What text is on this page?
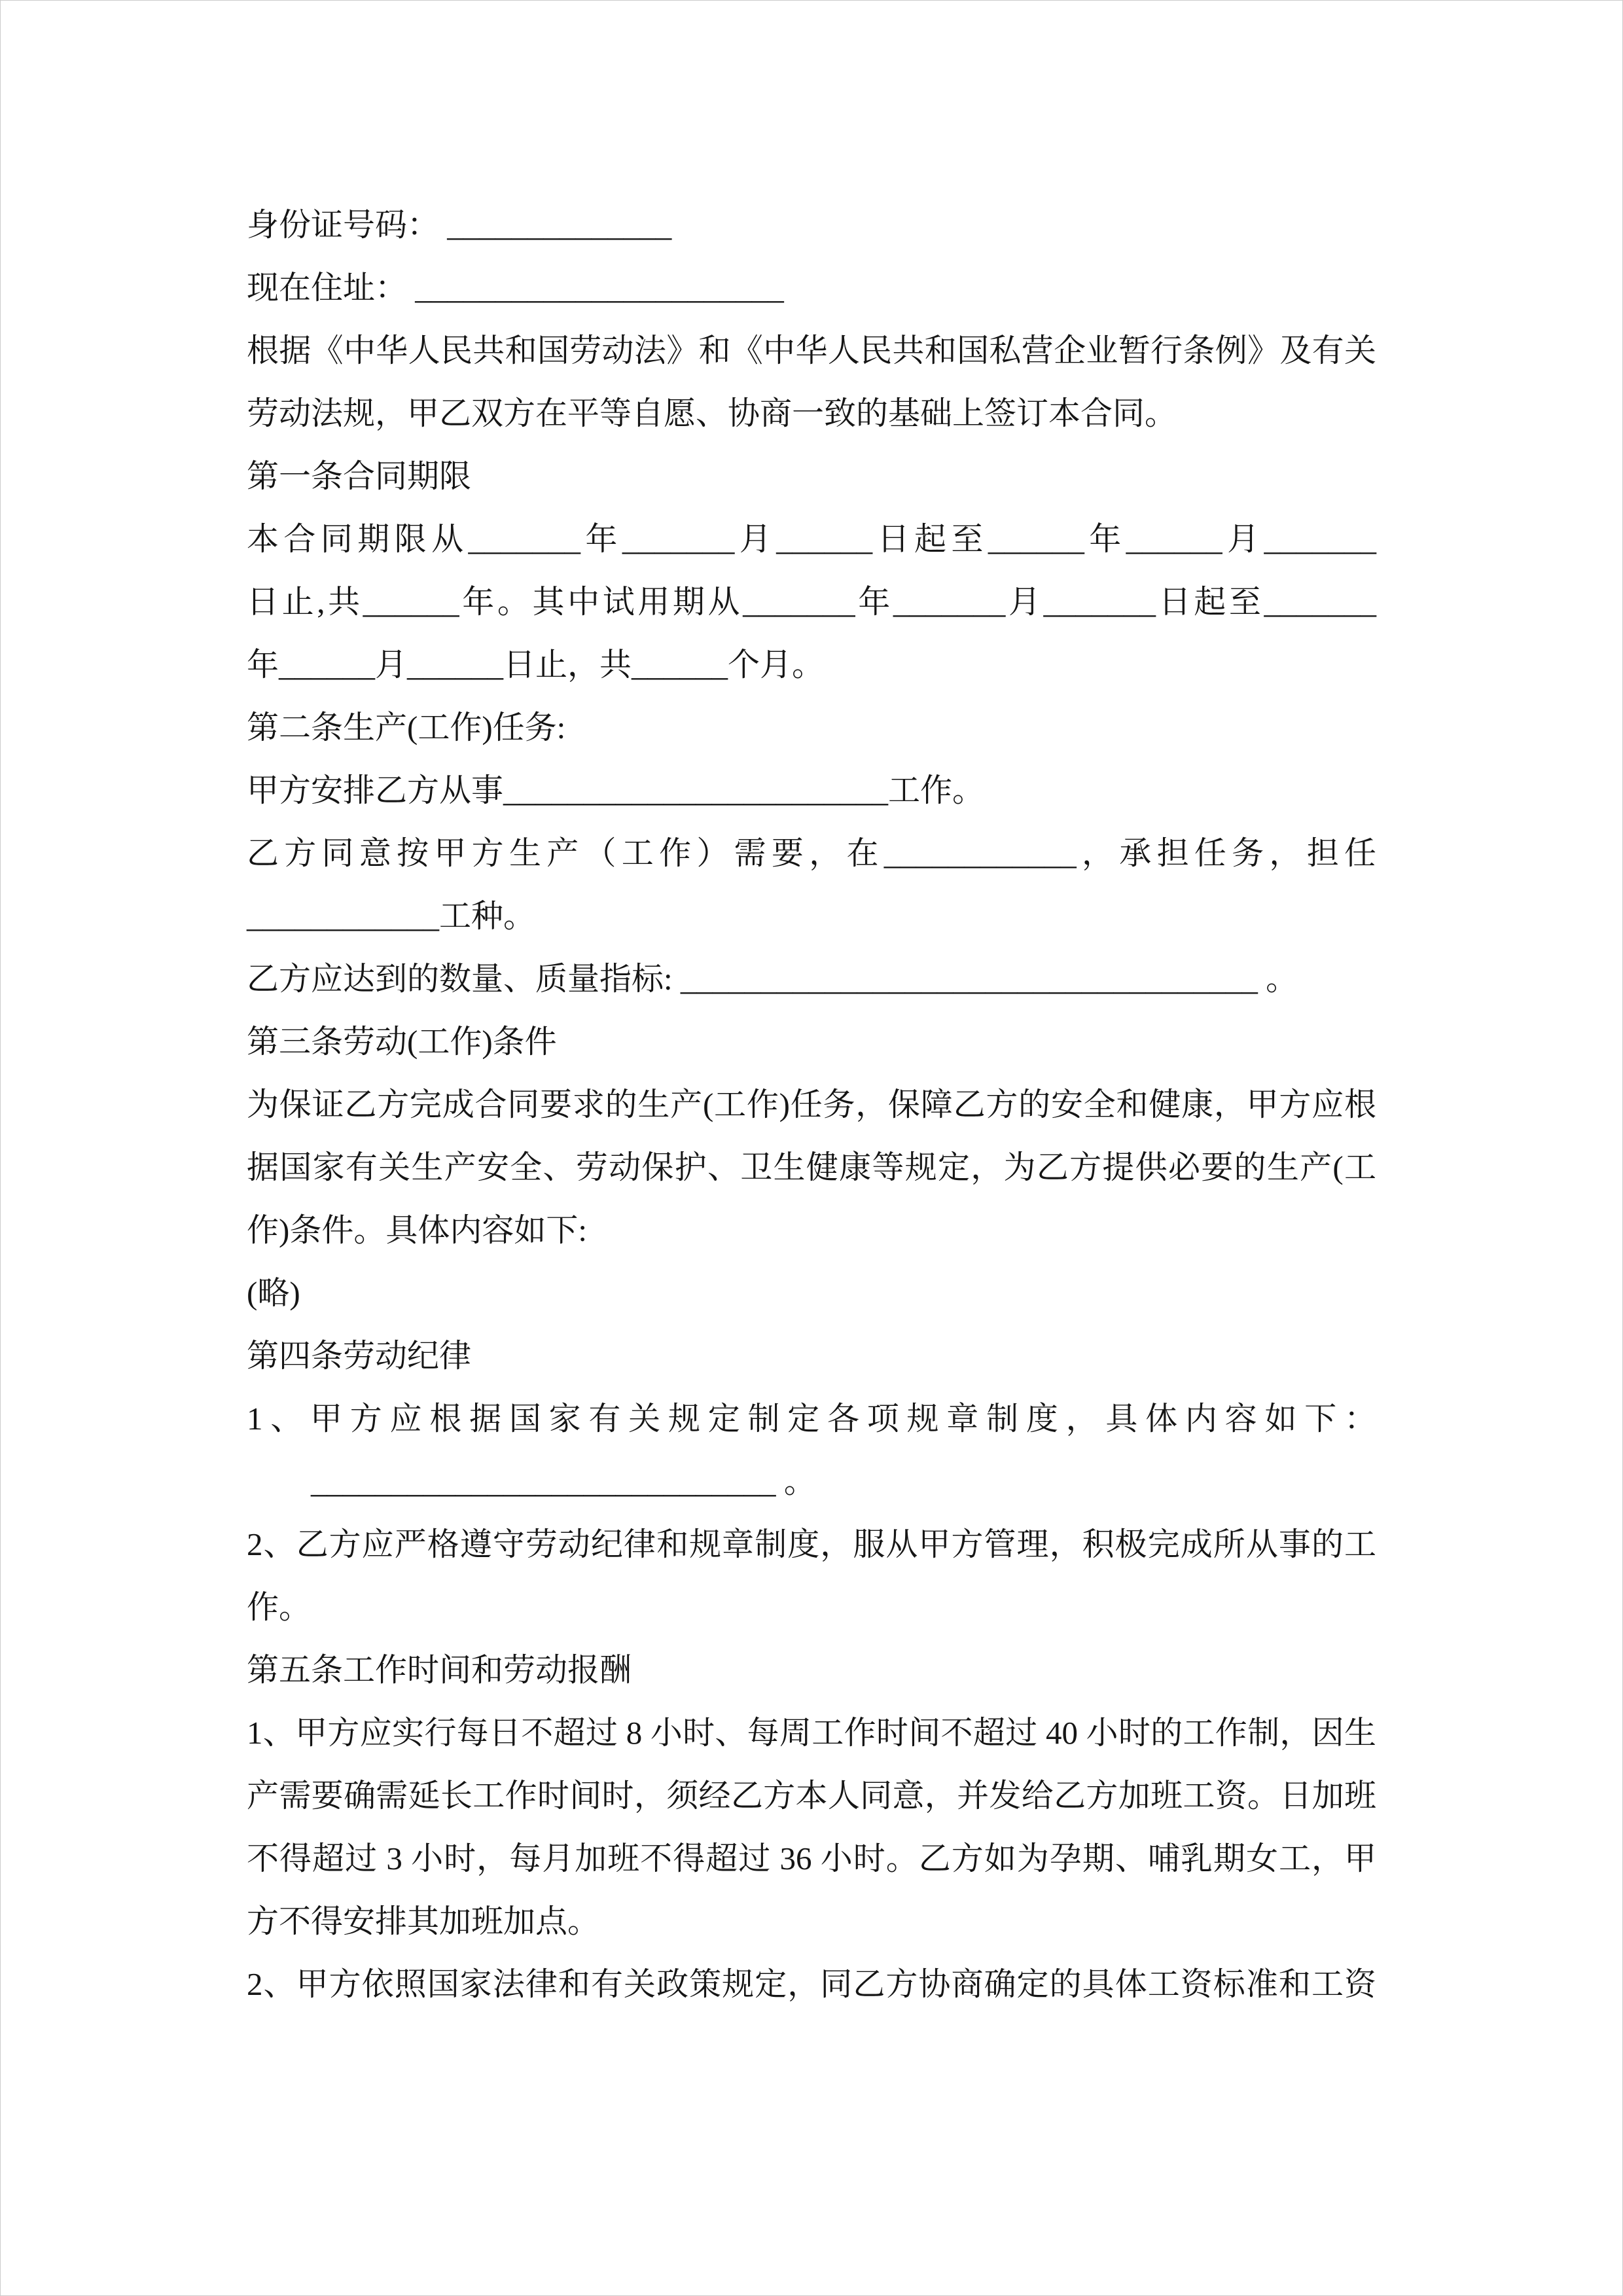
身份证号码： ______________
现在住址： _______________________
根据《中华人民共和国劳动法》和《中华人民共和国私营企业暂行条例》及有关
劳动法规，甲乙双方在平等自愿、协商一致的基础上签订本合同。
第一条合同期限
本合同期限从_______年_______月______日起至______年______月_______
日止,共______年。其中试用期从_______年_______月_______日起至_______
年______月______日止，共______个月。
第二条生产(工作)任务:
甲方安排乙方从事________________________工作。
乙方同意按甲方生产（工作）需要，在____________，承担任务，担任
____________工种。
乙方应达到的数量、质量指标: ____________________________________ 。
第三条劳动(工作)条件
为保证乙方完成合同要求的生产(工作)任务，保障乙方的安全和健康，甲方应根
据国家有关生产安全、劳动保护、卫生健康等规定，为乙方提供必要的生产(工
作)条件。具体内容如下:
(略)
第四条劳动纪律
1、甲方应根据国家有关规定制定各项规章制度，具体内容如下：
　　_____________________________ 。
2、乙方应严格遵守劳动纪律和规章制度，服从甲方管理，积极完成所从事的工
作。
第五条工作时间和劳动报酬
1、甲方应实行每日不超过 8 小时、每周工作时间不超过 40 小时的工作制，因生
产需要确需延长工作时间时，须经乙方本人同意，并发给乙方加班工资。日加班
不得超过 3 小时，每月加班不得超过 36 小时。乙方如为孕期、哺乳期女工，甲
方不得安排其加班加点。
2、甲方依照国家法律和有关政策规定，同乙方协商确定的具体工资标准和工资
